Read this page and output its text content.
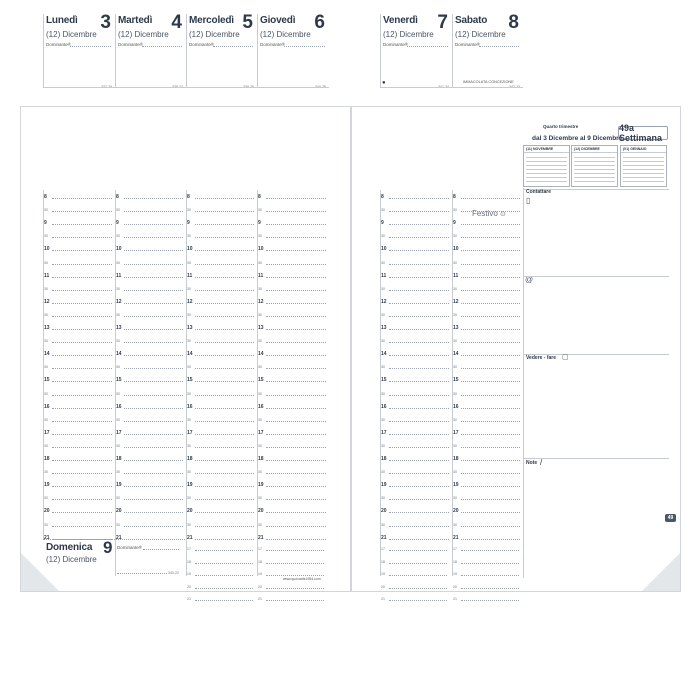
Lunedì 3
(12) Dicembre
Dominante®
337-29
Martedì 4
(12) Dicembre
Dominante®
338-27
Mercoledì 5
(12) Dicembre
Dominante®
339-26
Giovedì 6
(12) Dicembre
Dominante®
340-25
Venerdì 7
(12) Dicembre
Dominante®
●
341-24
Sabato 8
(12) Dicembre
Dominante®
IMMACOLATA CONCEZIONE
342-23
8
30
9
30
10
30
11
30
12
30
13
30
14
30
15
30
16
30
17
30
18
30
19
30
20
30
21
8
30
9
30
10
30
11
30
12
30
13
30
14
30
15
30
16
30
17
30
18
30
19
30
20
30
21
8
30
9
30
10
30
11
30
12
30
13
30
14
30
15
30
16
30
17
30
18
30
19
30
20
30
21
8
30
9
30
10
30
11
30
12
30
13
30
14
30
15
30
16
30
17
30
18
30
19
30
20
30
21
8
30
9
30
10
30
11
30
12
30
13
30
14
30
15
30
16
30
17
30
18
30
19
30
20
30
21
8
30
9
30
10
30
11
30
12
30
13
30
14
30
15
30
16
30
17
30
18
30
19
30
20
30
21
17
18
19
20
21
17
18
19
20
21
17
18
19
20
21
17
18
19
20
21
Domenica 9
(12) Dicembre
Dominante®
343-22
www.quovadis1954.com
Festivo ⊙
Quarto trimestre
dal 3 Dicembre al 9 Dicembre
49a Settimana
(11) NOVEMBRE	(12) DICEMBRE	(01) GENNAIO
Contattare
▯
@
Vedere - fare ▢
Note /
49
